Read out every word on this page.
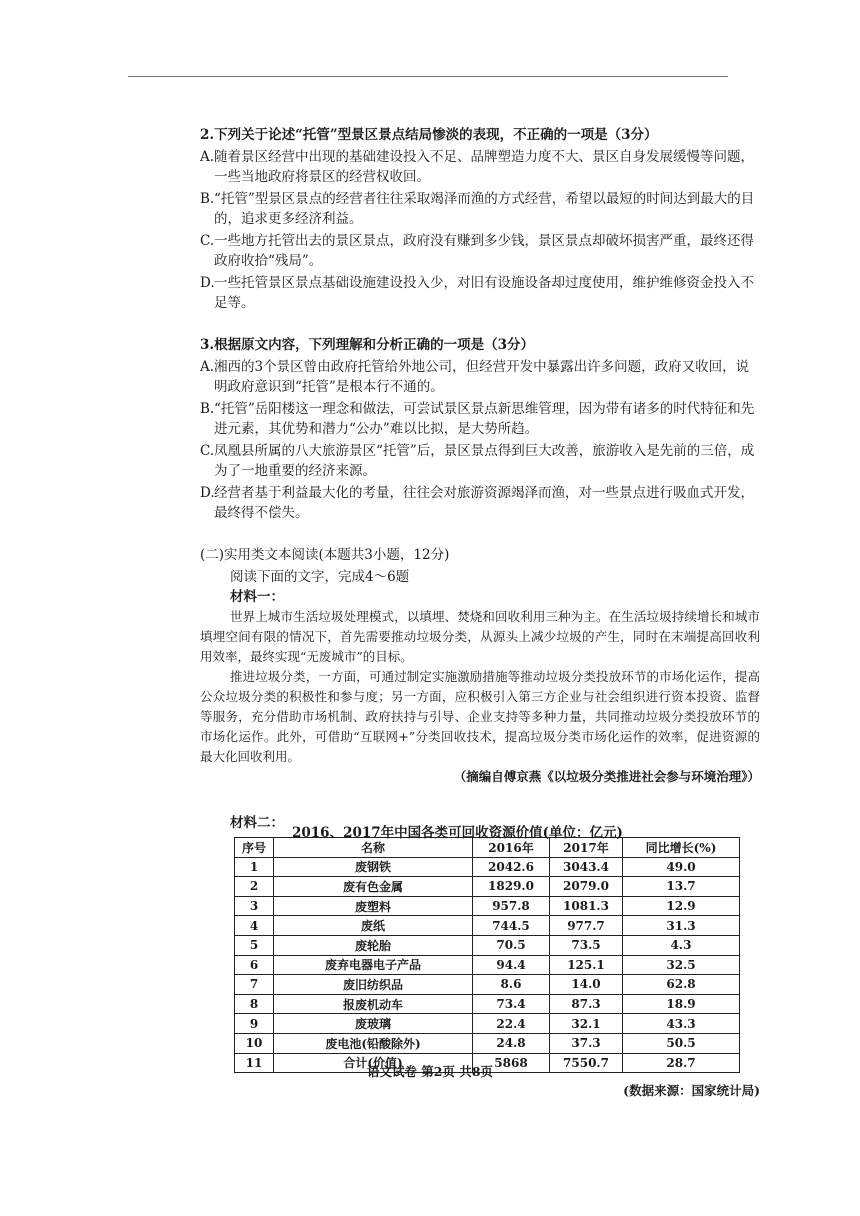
2.下列关于论述“托管”型景区景点结局惨淡的表现，不正确的一项是（3分）

A.随着景区经营中出现的基础建设投入不足、品牌塑造力度不大、景区自身发展缓慢等问题，一些当地政府将景区的经营权收回。

B.“托管”型景区景点的经营者往往采取竭泽而渔的方式经营，希望以最短的时间达到最大的目的，追求更多经济利益。

C.一些地方托管出去的景区景点，政府没有赚到多少钱，景区景点却破坏损害严重，最终还得政府收拾“残局”。

D.一些托管景区景点基础设施建设投入少，对旧有设施设备却过度使用，维护维修资金投入不足等。

3.根据原文内容，下列理解和分析正确的一项是（3分）

A.湘西的3个景区曾由政府托管给外地公司，但经营开发中暴露出许多问题，政府又收回，说明政府意识到“托管”是根本行不通的。

B.“托管”岳阳楼这一理念和做法，可尝试景区景点新思维管理，因为带有诸多的时代特征和先进元素，其优势和潜力“公办”难以比拟，是大势所趋。

C.凤凰县所属的八大旅游景区“托管”后，景区景点得到巨大改善，旅游收入是先前的三倍，成为了一地重要的经济来源。

D.经营者基于利益最大化的考量，往往会对旅游资源竭泽而渔，对一些景点进行吸血式开发，最终得不偿失。

(二)实用类文本阅读(本题共3小题，12分)
阅读下面的文字，完成4～6题
材料一：

世界上城市生活垃圾处理模式，以填埋、焚烧和回收利用三种为主。在生活垃圾持续增长和城市填埋空间有限的情况下，首先需要推动垃圾分类，从源头上减少垃圾的产生，同时在末端提高回收利用效率，最终实现“无废城市”的目标。

推进垃圾分类，一方面，可通过制定实施激励措施等推动垃圾分类投放环节的市场化运作，提高公众垃圾分类的积极性和参与度；另一方面，应积极引入第三方企业与社会组织进行资本投资、监督等服务，充分借助市场机制、政府扶持与引导、企业支持等多种力量，共同推动垃圾分类投放环节的市场化运作。此外，可借助“互联网+”分类回收技术，提高垃圾分类市场化运作的效率，促进资源的最大化回收利用。

（摘编自傅京燕《以垃圾分类推进社会参与环境治理》）
材料二：
2016、2017年中国各类可回收资源价值(单位：亿元)
序号	名称	2016年	2017年	同比增长(%)
1	废钢铁	2042.6	3043.4	49.0
2	废有色金属	1829.0	2079.0	13.7
3	废塑料	957.8	1081.3	12.9
4	废纸	744.5	977.7	31.3
5	废轮胎	70.5	73.5	4.3
6	废弃电器电子产品	94.4	125.1	32.5
7	废旧纺织品	8.6	14.0	62.8
8	报废机动车	73.4	87.3	18.9
9	废玻璃	22.4	32.1	43.3
10	废电池(铅酸除外)	24.8	37.3	50.5
11	合计(价值)	5868	7550.7	28.7
(数据来源：国家统计局)
语文试卷 第2页 共8页
